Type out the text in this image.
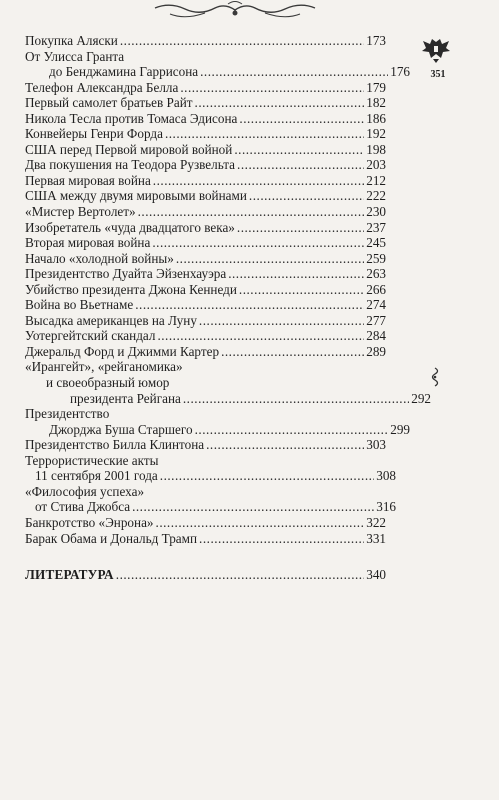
351
Покупка Аляски .....	173
От Улисса Гранта
до Бенджамина Гаррисона .....	176
Телефон Александра Белла .....	179
Первый самолет братьев Райт .....	182
Никола Тесла против Томаса Эдисона .....	186
Конвейеры Генри Форда .....	192
США перед Первой мировой войной .....	198
Два покушения на Теодора Рузвельта .....	203
Первая мировая война .....	212
США между двумя мировыми войнами .....	222
«Мистер Вертолет» .....	230
Изобретатель «чуда двадцатого века» .....	237
Вторая мировая война .....	245
Начало «холодной войны» .....	259
Президентство Дуайта Эйзенхауэра .....	263
Убийство президента Джона Кеннеди .....	266
Война во Вьетнаме .....	274
Высадка американцев на Луну .....	277
Уотергейтский скандал .....	284
Джеральд Форд и Джимми Картер .....	289
«Ирангейт», «рейганомика»
и своеобразный юмор
президента Рейгана .....	292
Президентство
Джорджа Буша Старшего .....	299
Президентство Билла Клинтона .....	303
Террористические акты
11 сентября 2001 года .....	308
«Философия успеха»
от Стива Джобса .....	316
Банкротство «Энрона» .....	322
Барак Обама и Дональд Трамп .....	331
ЛИТЕРАТУРА .....	340
